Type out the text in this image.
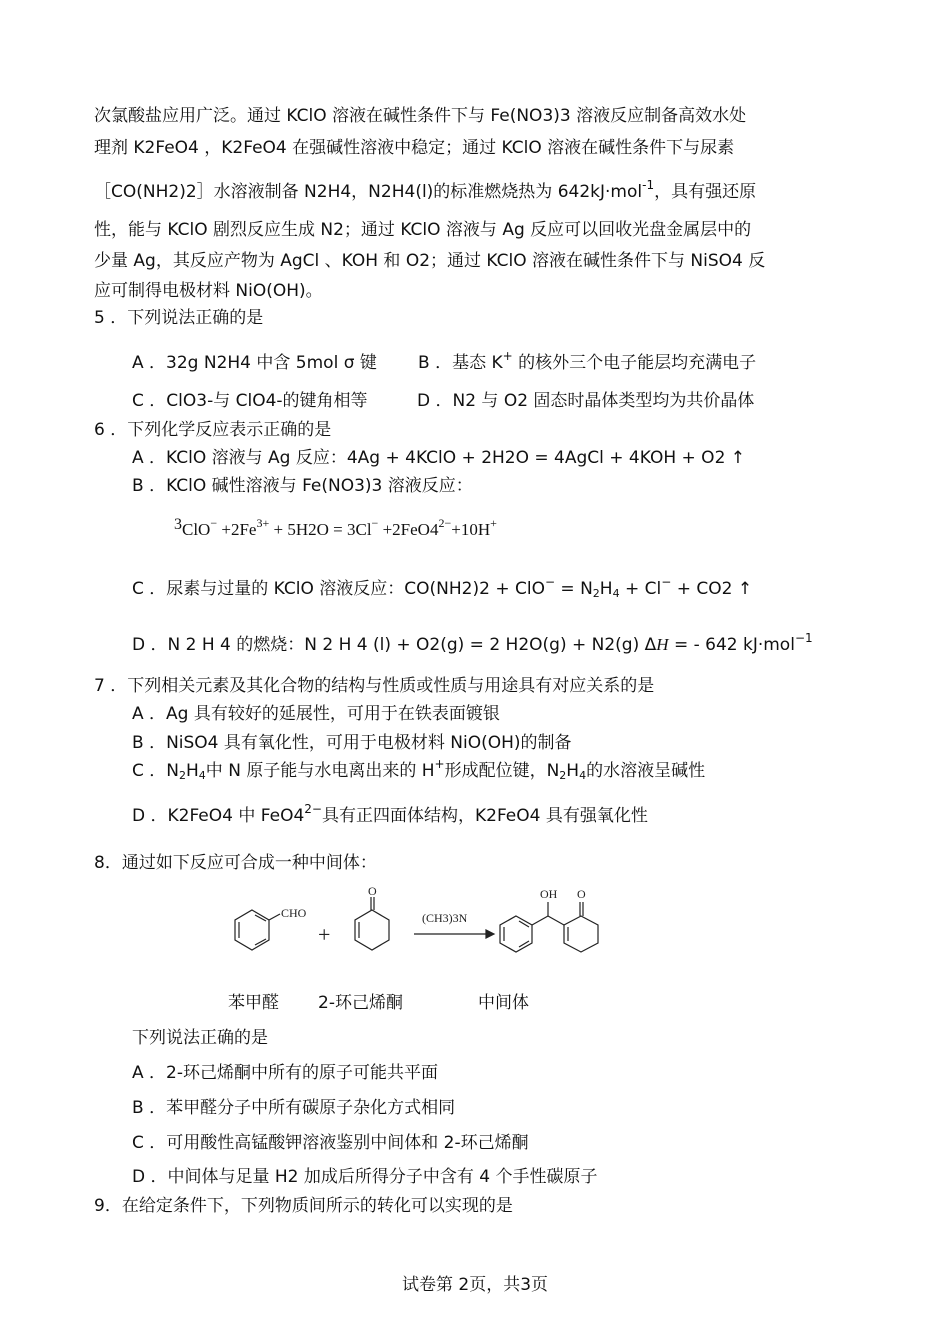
次氯酸盐应用广泛。通过 KClO 溶液在碱性条件下与 Fe(NO3)3 溶液反应制备高效水处
理剂 K2FeO4 ，K2FeO4 在强碱性溶液中稳定；通过 KClO 溶液在碱性条件下与尿素
［CO(NH2)2］水溶液制备 N2H4，N2H4(l)的标准燃烧热为 642kJ·mol$^{-1}$，具有强还原
性，能与 KClO 剧烈反应生成 N2；通过 KClO 溶液与 Ag 反应可以回收光盘金属层中的
少量 Ag，其反应产物为 AgCl 、KOH 和 O2；通过 KClO 溶液在碱性条件下与 NiSO4 反
应可制得电极材料 NiO(OH)。
5 ．下列说法正确的是
A ．32g N2H4 中含 5mol σ 键 B ．基态 K+ 的核外三个电子能层均充满电子
C ．ClO3-与 ClO4-的键角相等	D ．N2 与 O2 固态时晶体类型均为共价晶体
6 ．下列化学反应表示正确的是
A ．KClO 溶液与 Ag 反应：4Ag + 4KClO + 2H2O = 4AgCl + 4KOH + O2 ↑
B ．KClO 碱性溶液与 Fe(NO3)3 溶液反应：
$^3ClO^- +2Fe^{3+} + 5H2O = 3Cl^- +2FeO4^{2-}+10H^+$
C ．尿素与过量的 KClO 溶液反应：$CO(NH2)2 + ClO^- = N_2H_4 + Cl^- + CO2$ ↑
D ．N 2 H 4 的燃烧：N 2 H 4 (l) + O2(g) = 2 H2O(g) + N2(g) ΔH = - 642 kJ·mol$^{-1}$
7 ．下列相关元素及其化合物的结构与性质或性质与用途具有对应关系的是
A ．Ag 具有较好的延展性，可用于在铁表面镀银
B ．NiSO4 具有氧化性，可用于电极材料 NiO(OH)的制备
C ．$N_2H_4$中 N 原子能与水电离出来的 H+形成配位键，$N_2H_4$的水溶液呈碱性
D ．K2FeO4 中 $FeO4^{2-}$具有正四面体结构，K2FeO4 具有强氧化性
8．通过如下反应可合成一种中间体：
CHO
+
O
(CH3)3N
OH O
苯甲醛 2-环己烯酮	中间体
下列说法正确的是
A ．2-环己烯酮中所有的原子可能共平面
B ．苯甲醛分子中所有碳原子杂化方式相同
C ．可用酸性高锰酸钾溶液鉴别中间体和 2-环己烯酮
D ．中间体与足量 H2 加成后所得分子中含有 4 个手性碳原子
9．在给定条件下，下列物质间所示的转化可以实现的是
试卷第 2页，共3页
